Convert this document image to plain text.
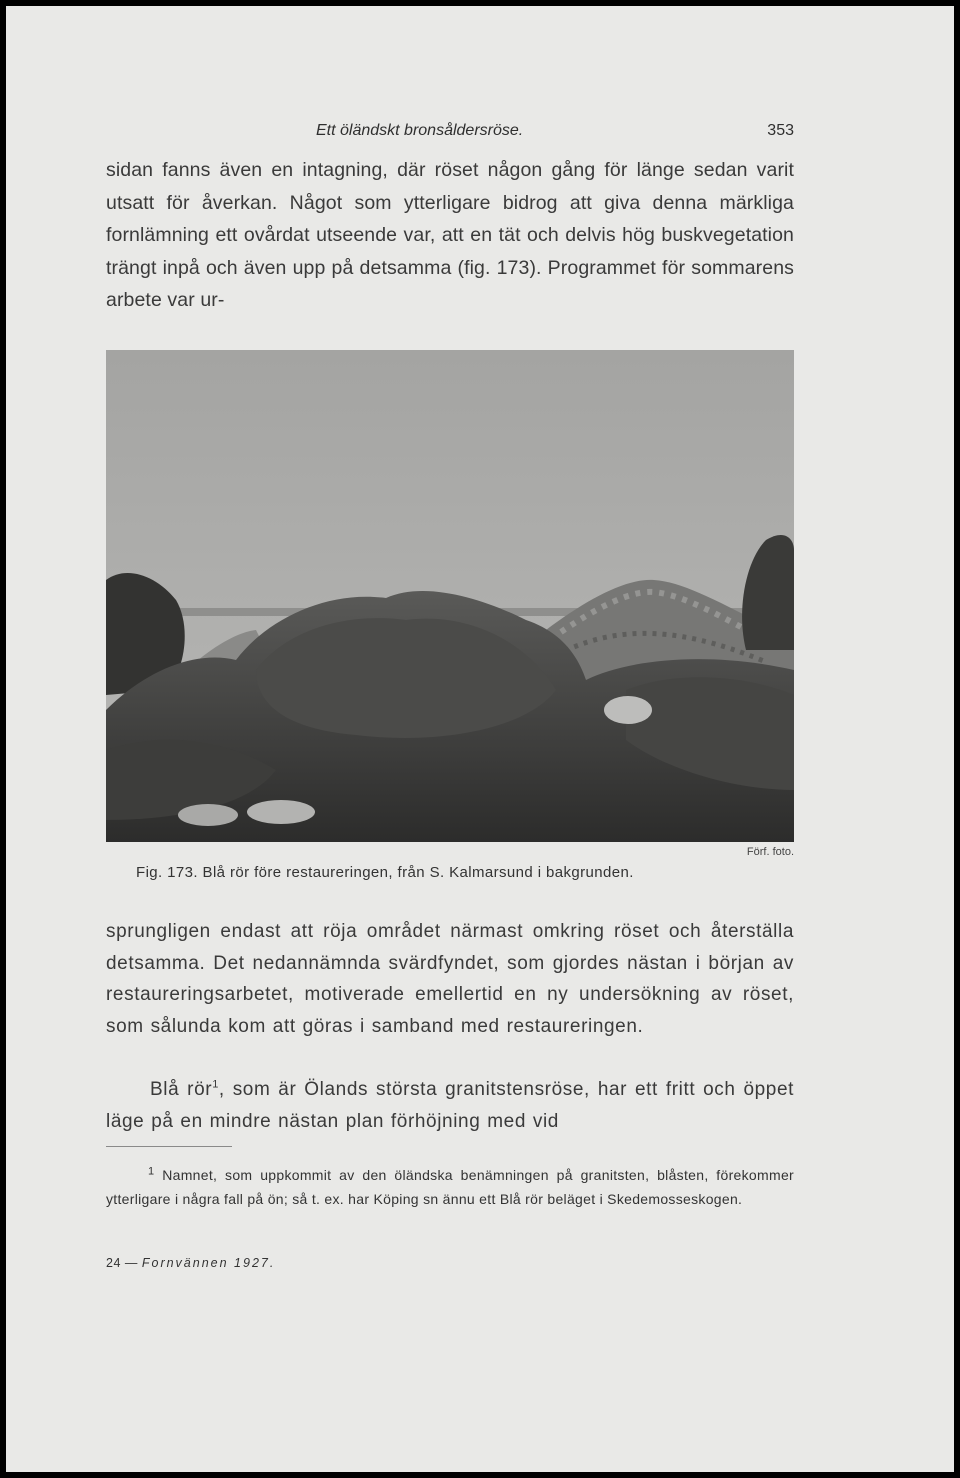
Ett öländskt bronsåldersröse.	353

sidan fanns även en intagning, där röset någon gång för länge sedan varit utsatt för åverkan. Något som ytterligare bidrog att giva denna märkliga fornlämning ett ovårdat utseende var, att en tät och delvis hög buskvegetation trängt inpå och även upp på detsamma (fig. 173). Programmet för sommarens arbete var ur-

Förf. foto.
Fig. 173. Blå rör före restaureringen, från S. Kalmarsund i bakgrunden.

sprungligen endast att röja området närmast omkring röset och återställa detsamma. Det nedannämnda svärdfyndet, som gjordes nästan i början av restaureringsarbetet, motiverade emellertid en ny undersökning av röset, som sålunda kom att göras i samband med restaureringen.

Blå rör$^1$, som är Ölands största granitstensröse, har ett fritt och öppet läge på en mindre nästan plan förhöjning med vid

$^1$ Namnet, som uppkommit av den öländska benämningen på granitsten, blåsten, förekommer ytterligare i några fall på ön; så t. ex. har Köping sn ännu ett Blå rör beläget i Skedemosseskogen.

24 — Fornvännen 1927.
